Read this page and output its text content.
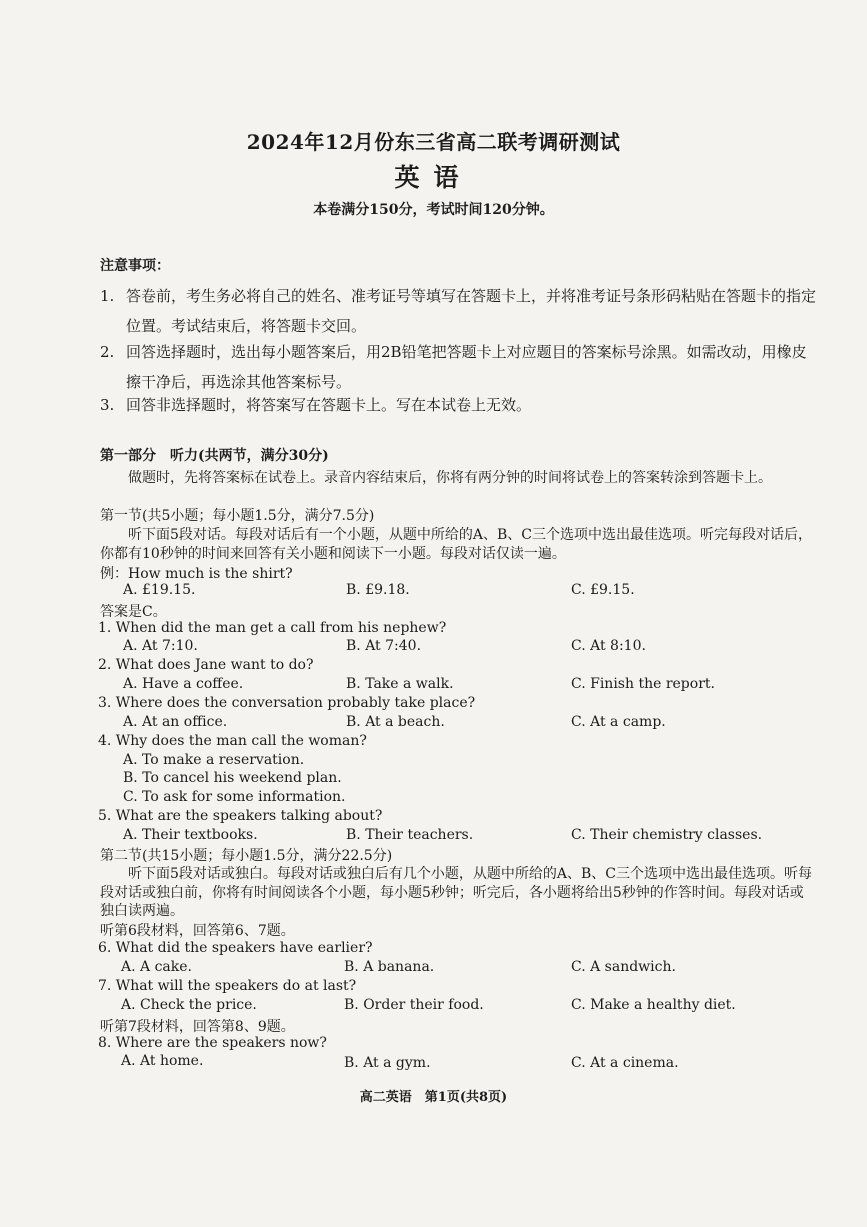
2024年12月份东三省高二联考调研测试
英语
本卷满分150分，考试时间120分钟。
注意事项：
1. 答卷前，考生务必将自己的姓名、准考证号等填写在答题卡上，并将准考证号条形码粘贴在答题卡的指定位置。考试结束后，将答题卡交回。
2. 回答选择题时，选出每小题答案后，用2B铅笔把答题卡上对应题目的答案标号涂黑。如需改动，用橡皮擦干净后，再选涂其他答案标号。
3. 回答非选择题时，将答案写在答题卡上。写在本试卷上无效。
第一部分　听力(共两节，满分30分)
做题时，先将答案标在试卷上。录音内容结束后，你将有两分钟的时间将试卷上的答案转涂到答题卡上。
第一节(共5小题；每小题1.5分，满分7.5分)
听下面5段对话。每段对话后有一个小题，从题中所给的A、B、C三个选项中选出最佳选项。听完每段对话后，你都有10秒钟的时间来回答有关小题和阅读下一小题。每段对话仅读一遍。
例：How much is the shirt?
A. £19.15.	B. £9.18.	C. £9.15.
答案是C。
1. When did the man get a call from his nephew?
A. At 7:10.	B. At 7:40.	C. At 8:10.
2. What does Jane want to do?
A. Have a coffee.	B. Take a walk.	C. Finish the report.
3. Where does the conversation probably take place?
A. At an office.	B. At a beach.	C. At a camp.
4. Why does the man call the woman?
A. To make a reservation.
B. To cancel his weekend plan.
C. To ask for some information.
5. What are the speakers talking about?
A. Their textbooks.	B. Their teachers.	C. Their chemistry classes.
第二节(共15小题；每小题1.5分，满分22.5分)
听下面5段对话或独白。每段对话或独白后有几个小题，从题中所给的A、B、C三个选项中选出最佳选项。听每段对话或独白前，你将有时间阅读各个小题，每小题5秒钟；听完后，各小题将给出5秒钟的作答时间。每段对话或独白读两遍。
听第6段材料，回答第6、7题。
6. What did the speakers have earlier?
A. A cake.	B. A banana.	C. A sandwich.
7. What will the speakers do at last?
A. Check the price.	B. Order their food.	C. Make a healthy diet.
听第7段材料，回答第8、9题。
8. Where are the speakers now?
A. At home.	B. At a gym.	C. At a cinema.
高二英语　第1页(共8页)
